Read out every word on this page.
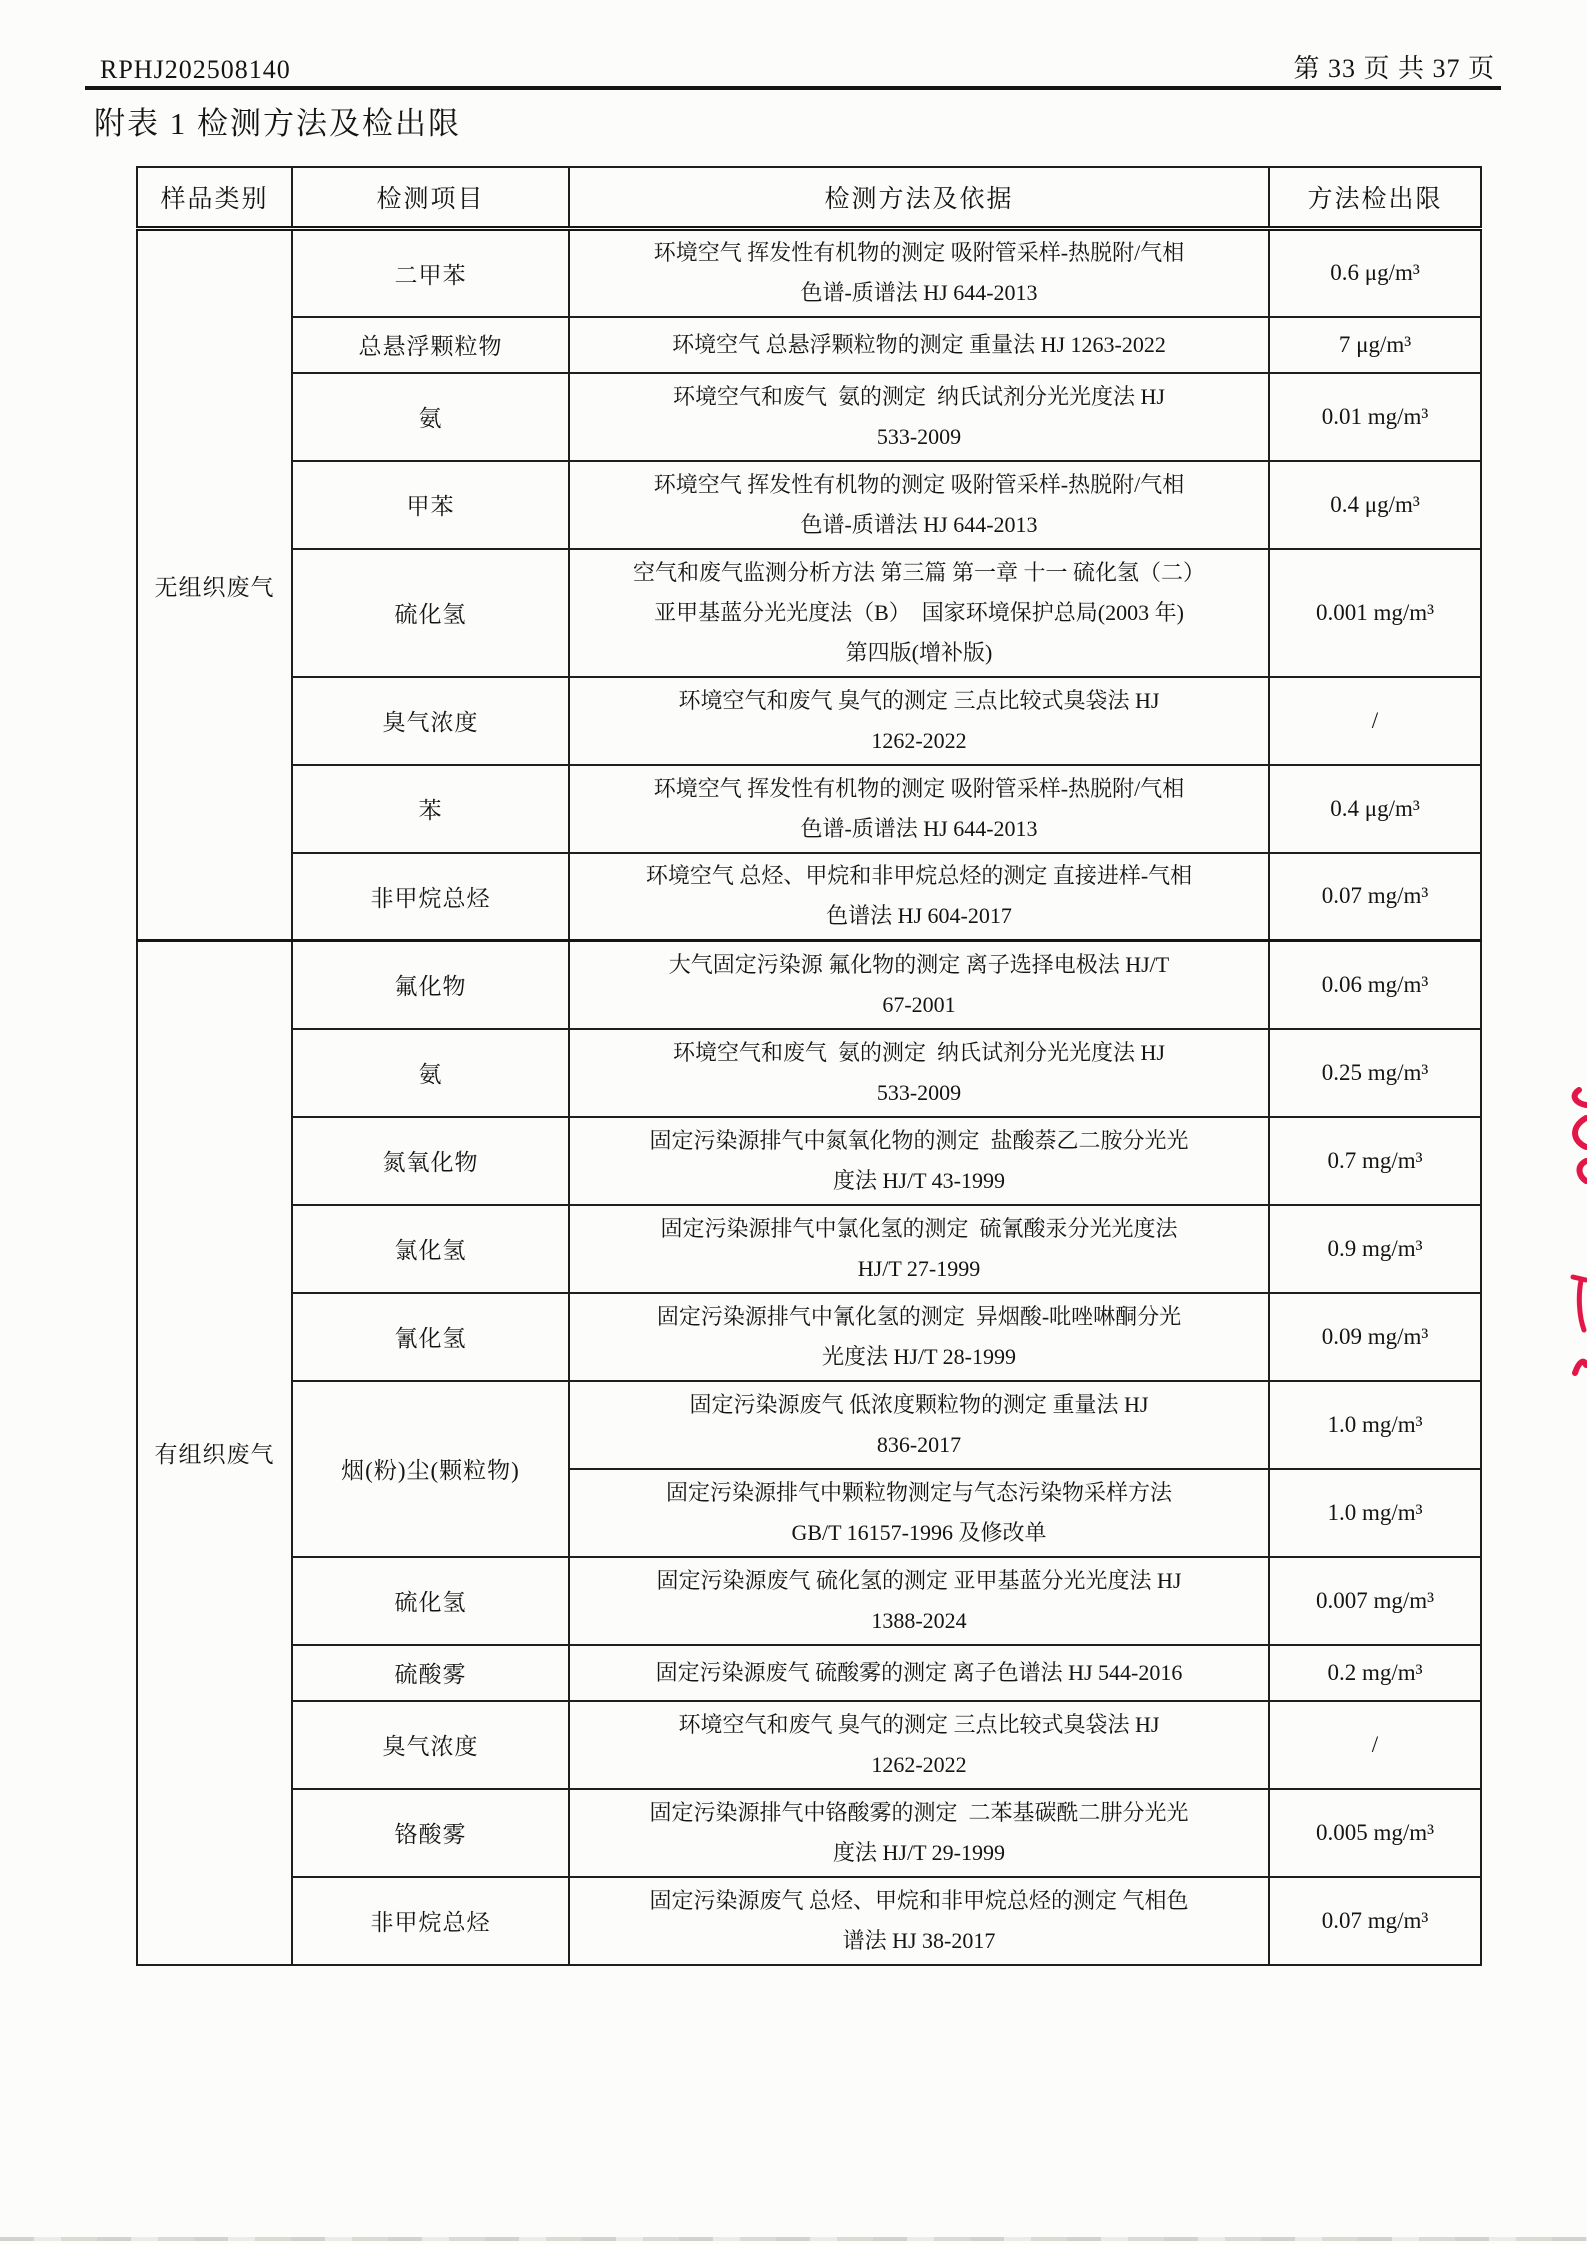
RPHJ202508140	第 33 页 共 37 页
附表 1 检测方法及检出限
样品类别	检测项目	检测方法及依据	方法检出限
无组织废气	二甲苯	环境空气 挥发性有机物的测定 吸附管采样-热脱附/气相
色谱-质谱法 HJ 644-2013	0.6 μg/m³
	总悬浮颗粒物	环境空气 总悬浮颗粒物的测定 重量法 HJ 1263-2022	7 μg/m³
	氨	环境空气和废气  氨的测定  纳氏试剂分光光度法 HJ
533-2009	0.01 mg/m³
	甲苯	环境空气 挥发性有机物的测定 吸附管采样-热脱附/气相
色谱-质谱法 HJ 644-2013	0.4 μg/m³
	硫化氢	空气和废气监测分析方法 第三篇 第一章 十一 硫化氢（二）
亚甲基蓝分光光度法（B）  国家环境保护总局(2003 年)
第四版(增补版)	0.001 mg/m³
	臭气浓度	环境空气和废气 臭气的测定 三点比较式臭袋法 HJ
1262-2022	/
	苯	环境空气 挥发性有机物的测定 吸附管采样-热脱附/气相
色谱-质谱法 HJ 644-2013	0.4 μg/m³
	非甲烷总烃	环境空气 总烃、甲烷和非甲烷总烃的测定 直接进样-气相
色谱法 HJ 604-2017	0.07 mg/m³
有组织废气	氟化物	大气固定污染源 氟化物的测定 离子选择电极法 HJ/T
67-2001	0.06 mg/m³
	氨	环境空气和废气  氨的测定  纳氏试剂分光光度法 HJ
533-2009	0.25 mg/m³
	氮氧化物	固定污染源排气中氮氧化物的测定  盐酸萘乙二胺分光光
度法 HJ/T 43-1999	0.7 mg/m³
	氯化氢	固定污染源排气中氯化氢的测定  硫氰酸汞分光光度法
HJ/T 27-1999	0.9 mg/m³
	氰化氢	固定污染源排气中氰化氢的测定  异烟酸-吡唑啉酮分光
光度法 HJ/T 28-1999	0.09 mg/m³
	烟(粉)尘(颗粒物)	固定污染源废气 低浓度颗粒物的测定 重量法 HJ
836-2017	1.0 mg/m³

		固定污染源排气中颗粒物测定与气态污染物采样方法
GB/T 16157-1996 及修改单	1.0 mg/m³
	硫化氢	固定污染源废气 硫化氢的测定 亚甲基蓝分光光度法 HJ
1388-2024	0.007 mg/m³
	硫酸雾	固定污染源废气 硫酸雾的测定 离子色谱法 HJ 544-2016	0.2 mg/m³
	臭气浓度	环境空气和废气 臭气的测定 三点比较式臭袋法 HJ
1262-2022	/
	铬酸雾	固定污染源排气中铬酸雾的测定  二苯基碳酰二肼分光光
度法 HJ/T 29-1999	0.005 mg/m³
	非甲烷总烃	固定污染源废气 总烃、甲烷和非甲烷总烃的测定 气相色
谱法 HJ 38-2017	0.07 mg/m³
